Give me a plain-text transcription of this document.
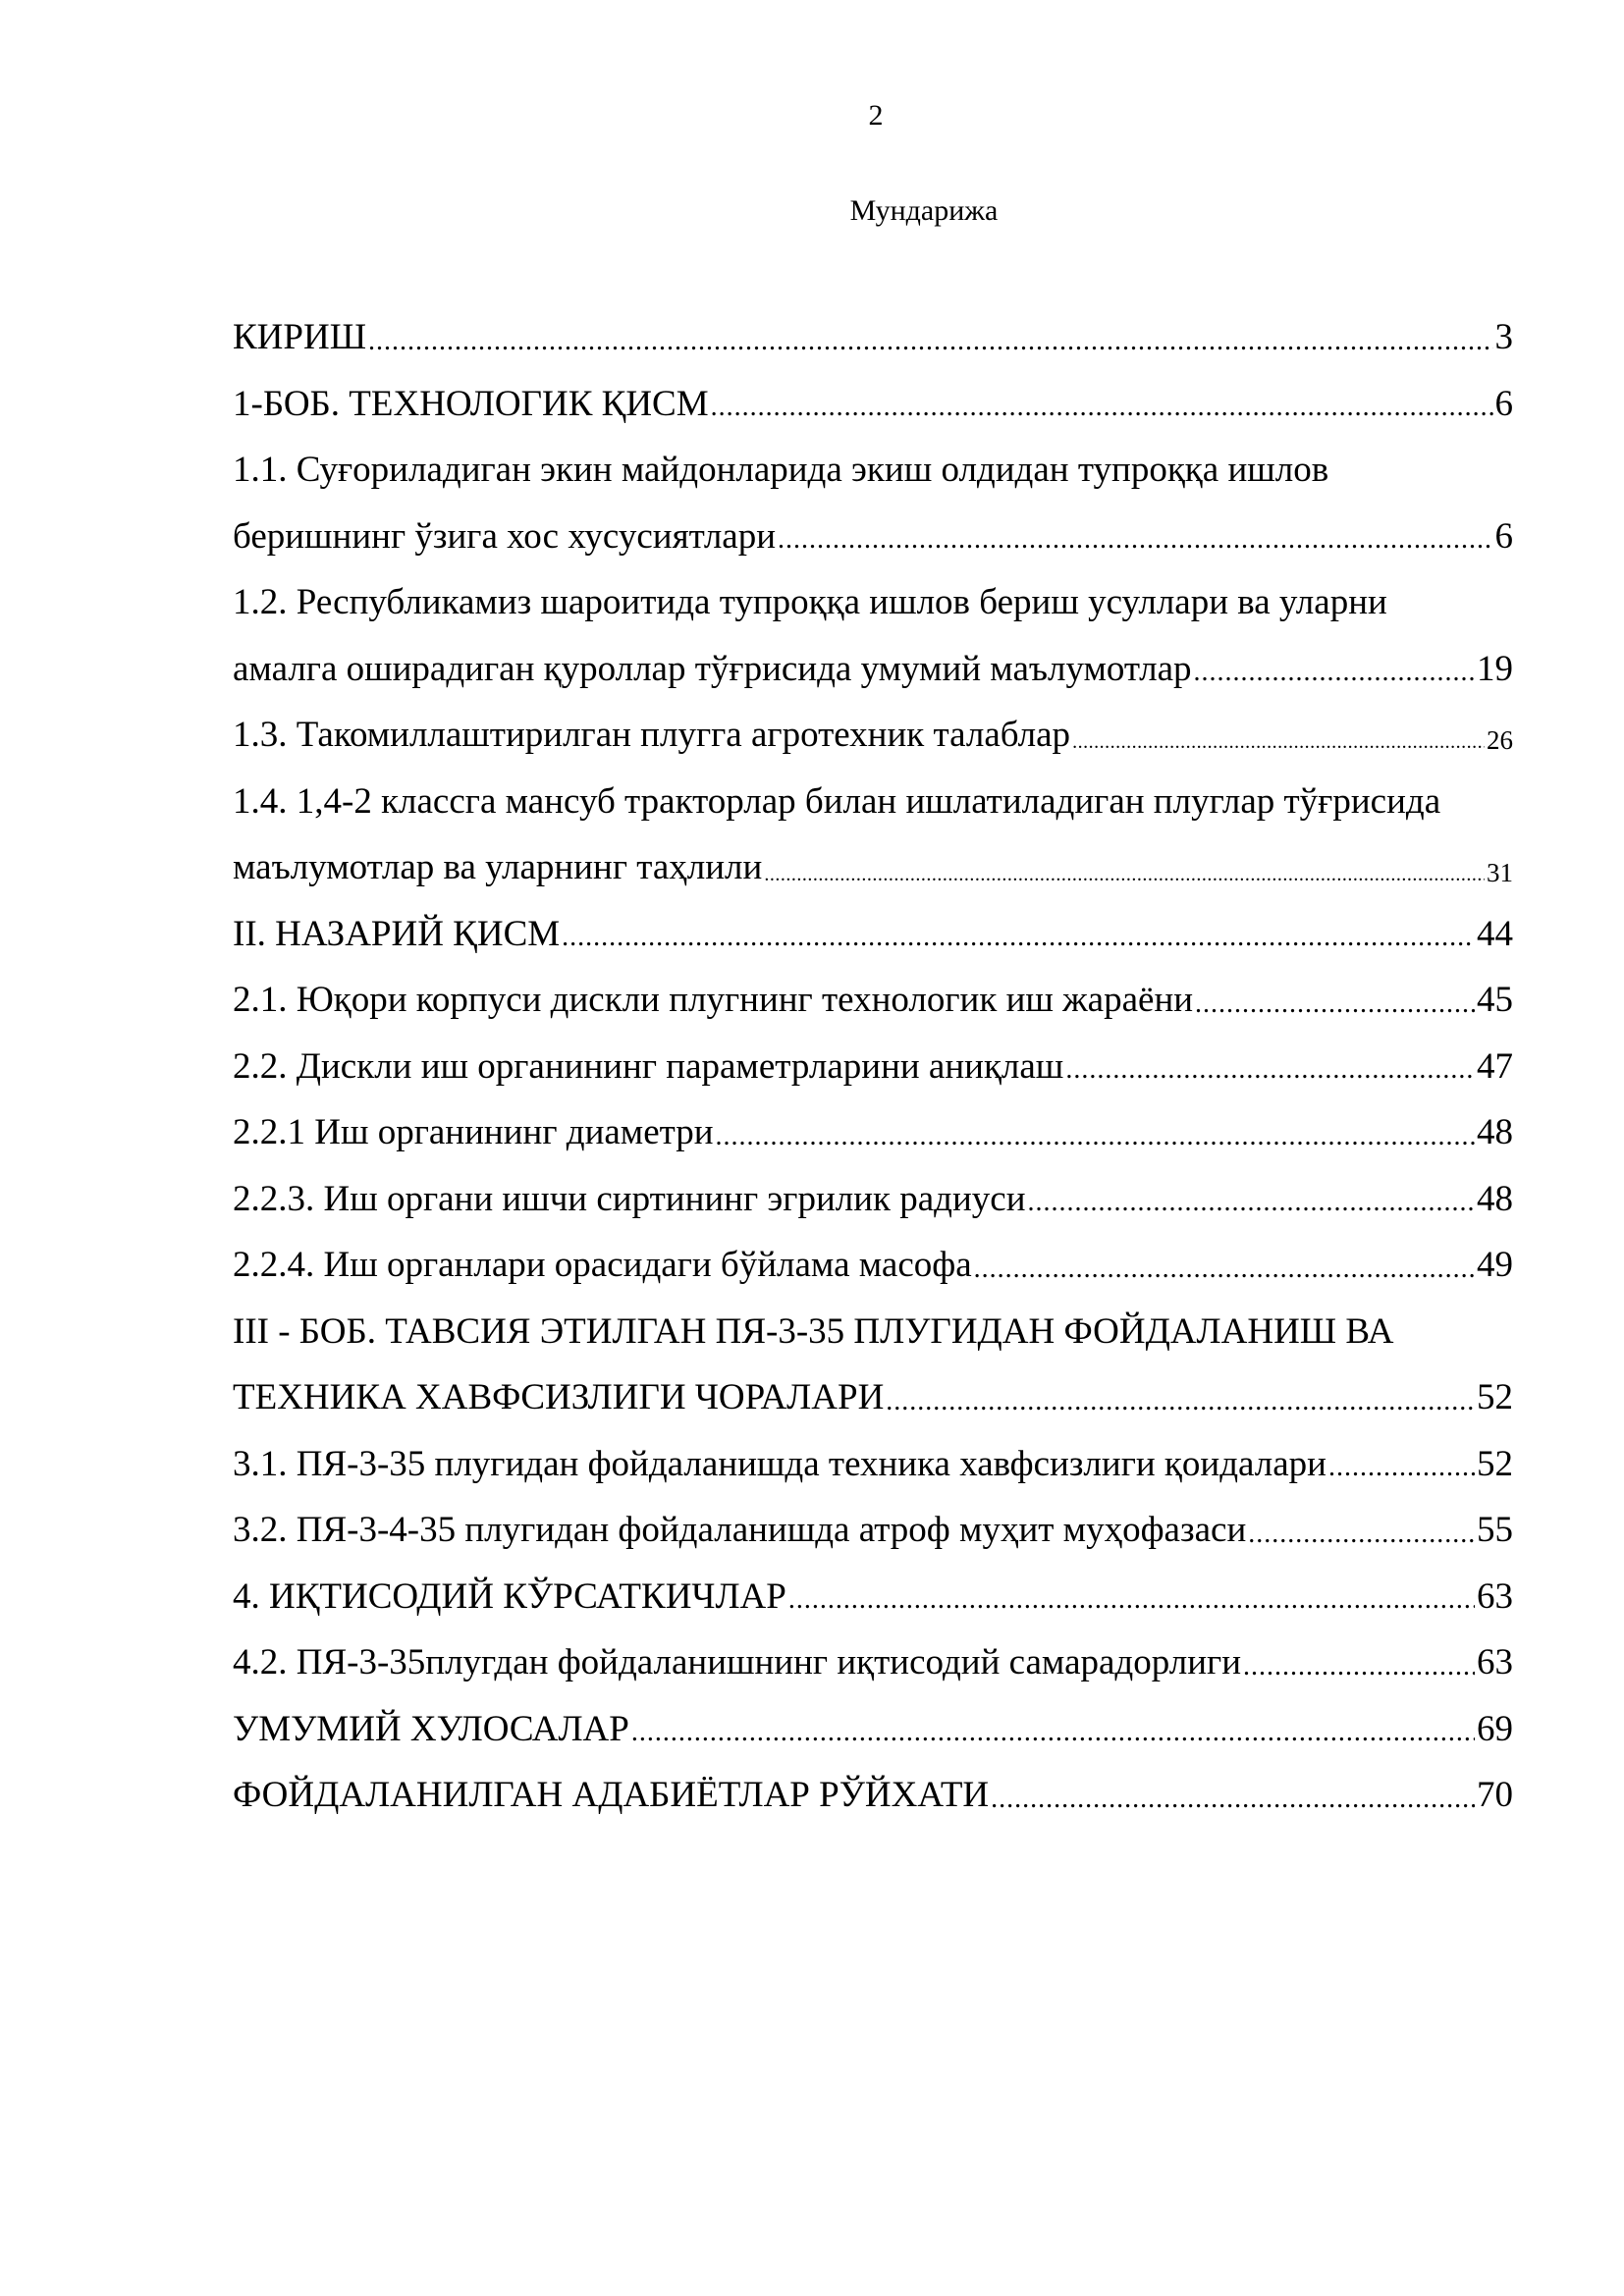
2
Мундарижа
КИРИШ .....	3
1-БОБ. ТЕХНОЛОГИК ҚИСМ .....	6
1.1. Суғориладиган экин майдонларида экиш олдидан тупроққа ишлов
беришнинг ўзига хос хусусиятлари .....	6
1.2. Республикамиз шароитида тупроққа ишлов бериш усуллари ва уларни
амалга оширадиган қуроллар тўғрисида умумий маълумотлар .....	19
1.3. Такомиллаштирилган плугга агротехник талаблар .....	26
1.4. 1,4-2 классга мансуб тракторлар билан ишлатиладиган плуглар тўғрисида
маълумотлар ва уларнинг таҳлили .....	31
II. НАЗАРИЙ ҚИСМ .....	44
2.1. Юқори корпуси дискли плугнинг технологик иш жараёни .....	45
2.2. Дискли иш органининг параметрларини аниқлаш .....	47
2.2.1 Иш органининг диаметри .....	48
2.2.3. Иш органи ишчи сиртининг эгрилик радиуси .....	48
2.2.4. Иш органлари орасидаги бўйлама масофа .....	49
III - БОБ. ТАВСИЯ ЭТИЛГАН ПЯ-3-35 ПЛУГИДАН ФОЙДАЛАНИШ ВА
ТЕХНИКА ХАВФСИЗЛИГИ ЧОРАЛАРИ .....	52
3.1. ПЯ-3-35 плугидан фойдаланишда техника хавфсизлиги қоидалари .....	52
3.2. ПЯ-3-4-35 плугидан фойдаланишда атроф муҳит муҳофазаси .....	55
4. ИҚТИСОДИЙ КЎРСАТКИЧЛАР .....	63
4.2. ПЯ-3-35плугдан фойдаланишнинг иқтисодий самарадорлиги .....	63
УМУМИЙ ХУЛОСАЛАР .....	69
ФОЙДАЛАНИЛГАН АДАБИЁТЛАР РЎЙХАТИ .....	70
